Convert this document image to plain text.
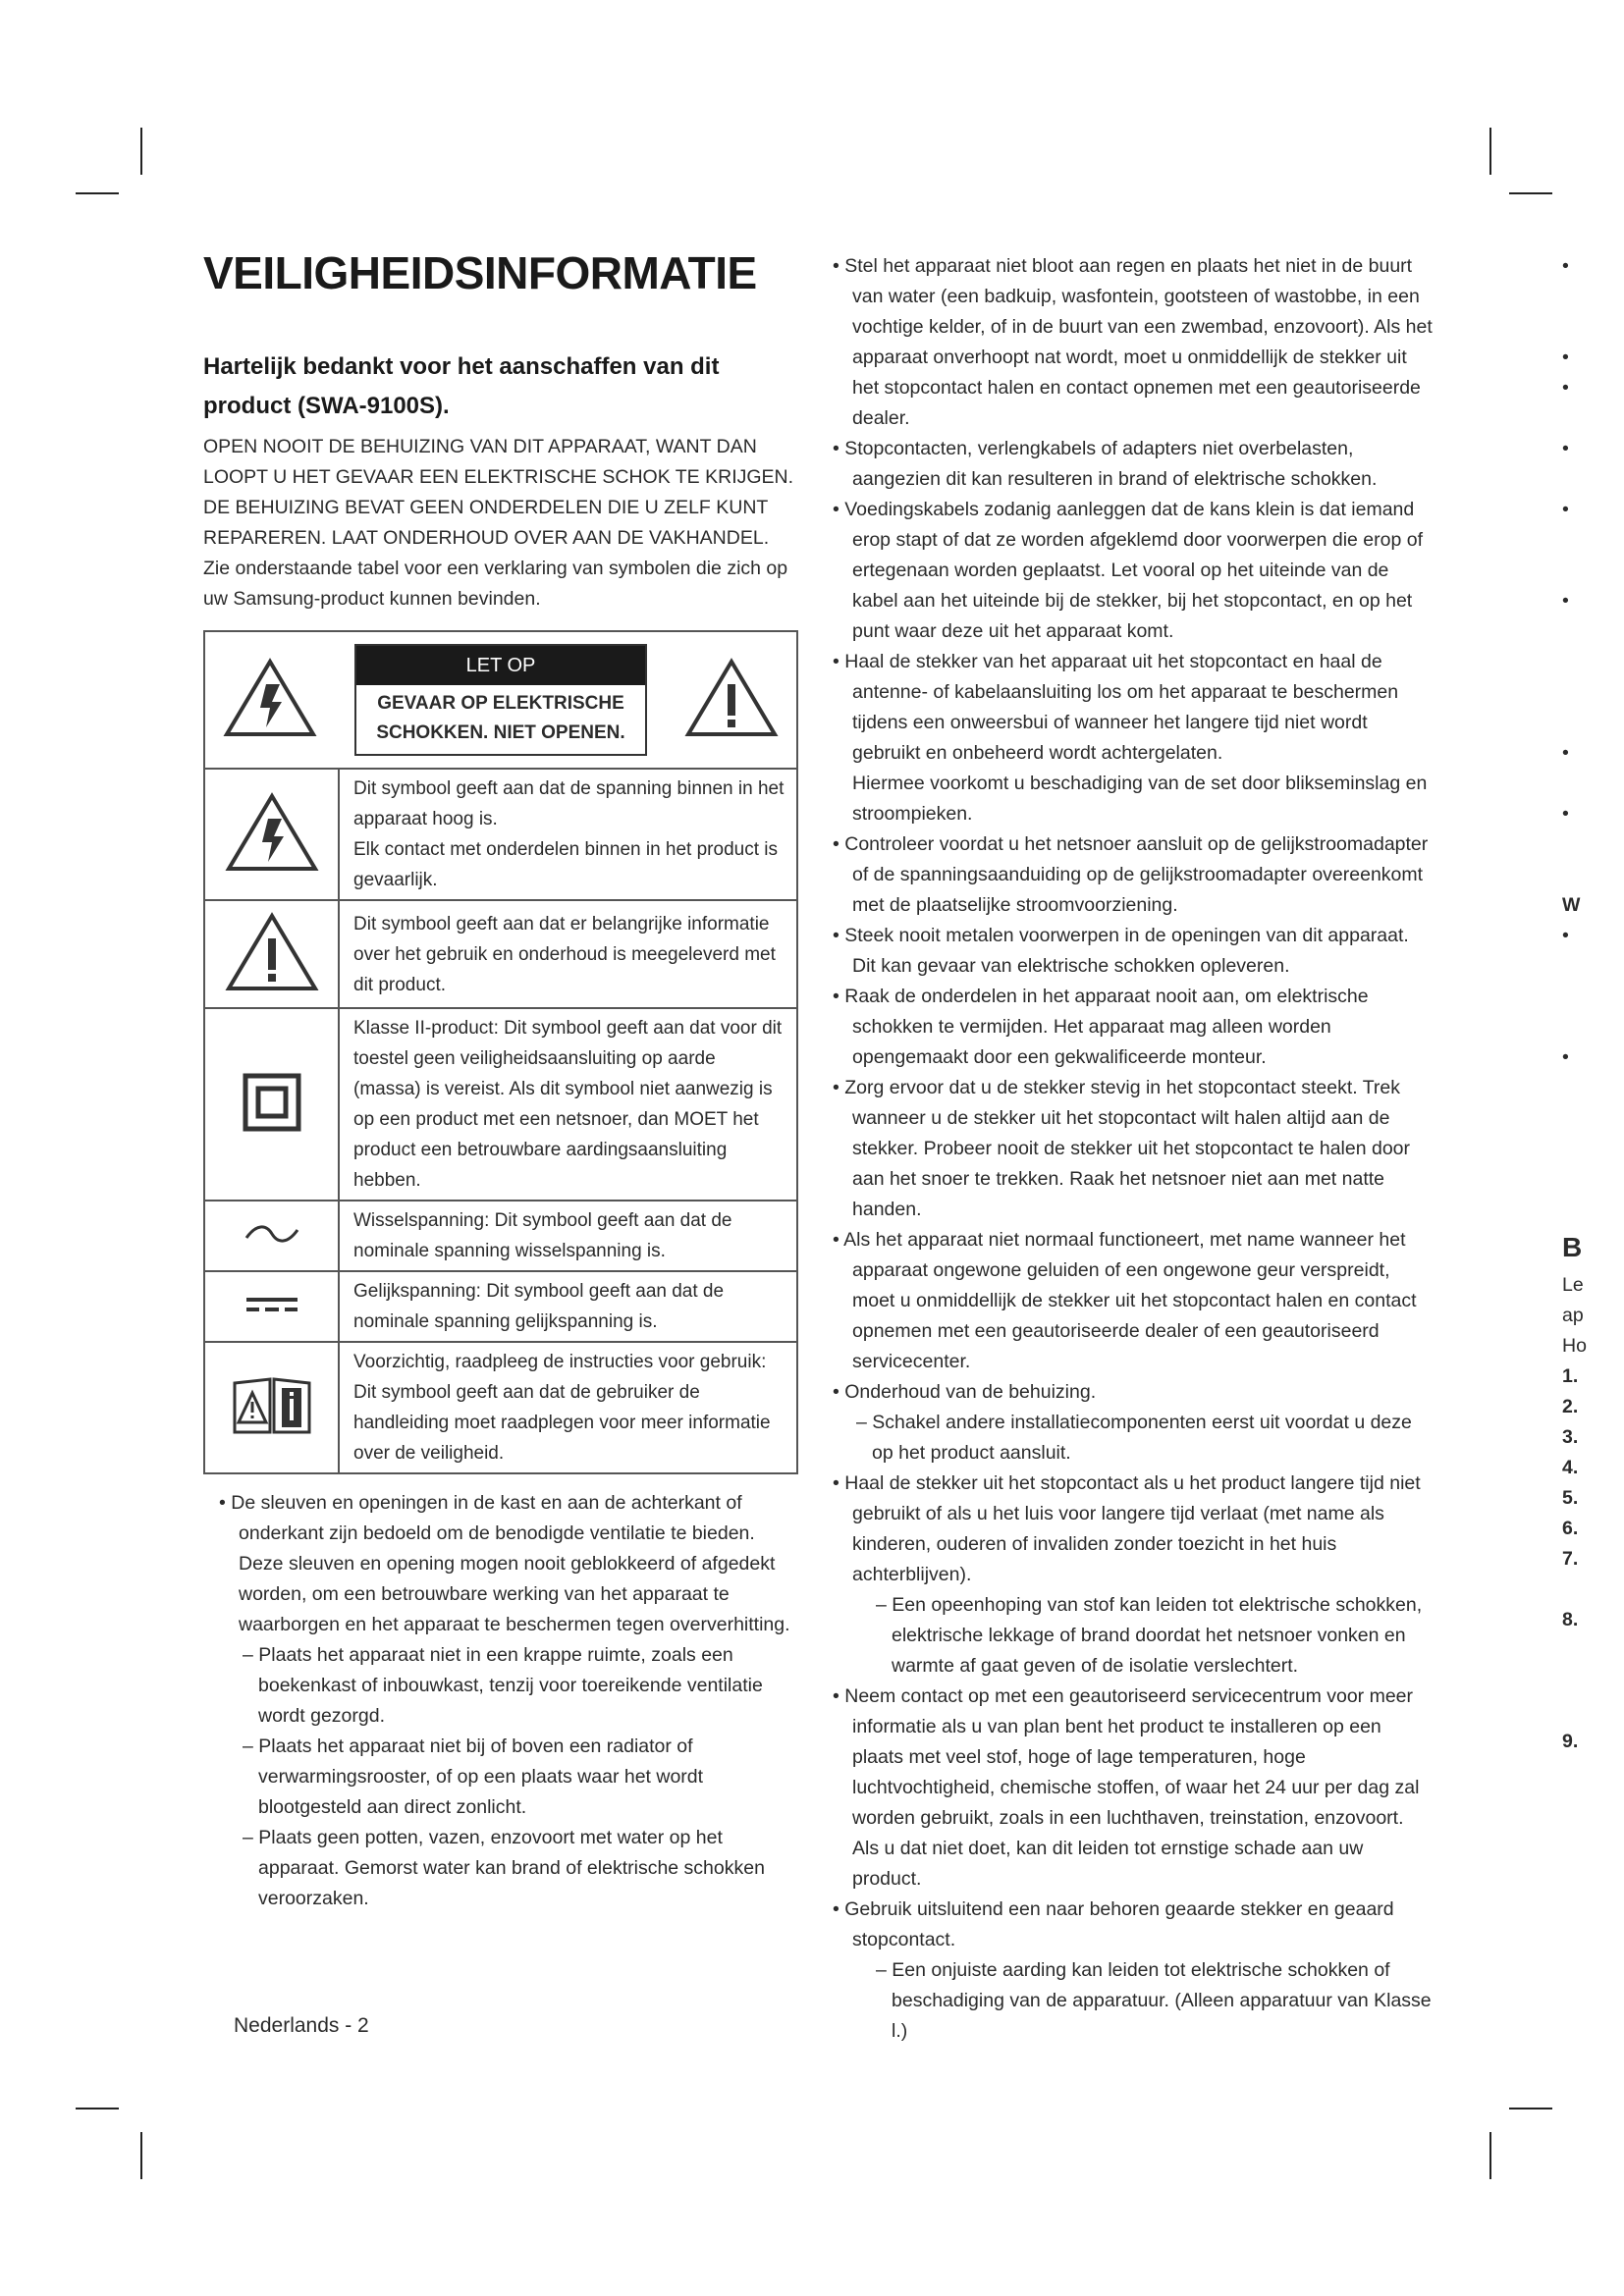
VEILIGHEIDSINFORMATIE
Hartelijk bedankt voor het aanschaffen van dit product (SWA-9100S).

OPEN NOOIT DE BEHUIZING VAN DIT APPARAAT, WANT DAN LOOPT U HET GEVAAR EEN ELEKTRISCHE SCHOK TE KRIJGEN. DE BEHUIZING BEVAT GEEN ONDERDELEN DIE U ZELF KUNT REPAREREN. LAAT ONDERHOUD OVER AAN DE VAKHANDEL.

Zie onderstaande tabel voor een verklaring van symbolen die zich op uw Samsung-product kunnen bevinden.

LET OP
GEVAAR OP ELEKTRISCHE SCHOKKEN. NIET OPENEN.	

	Dit symbool geeft aan dat de spanning binnen in het apparaat hoog is.
Elk contact met onderdelen binnen in het product is gevaarlijk.
	Dit symbool geeft aan dat er belangrijke informatie over het gebruik en onderhoud is meegeleverd met dit product.
	Klasse II-product: Dit symbool geeft aan dat voor dit toestel geen veiligheidsaansluiting op aarde (massa) is vereist. Als dit symbool niet aanwezig is op een product met een netsnoer, dan MOET het product een betrouwbare aardingsaansluiting hebben.
	Wisselspanning: Dit symbool geeft aan dat de nominale spanning wisselspanning is.
	Gelijkspanning: Dit symbool geeft aan dat de nominale spanning gelijkspanning is.
	Voorzichtig, raadpleeg de instructies voor gebruik: Dit symbool geeft aan dat de gebruiker de handleiding moet raadplegen voor meer informatie over de veiligheid.

• De sleuven en openingen in de kast en aan de achterkant of onderkant zijn bedoeld om de benodigde ventilatie te bieden. Deze sleuven en opening mogen nooit geblokkeerd of afgedekt worden, om een betrouwbare werking van het apparaat te waarborgen en het apparaat te beschermen tegen oververhitting.

– Plaats het apparaat niet in een krappe ruimte, zoals een boekenkast of inbouwkast, tenzij voor toereikende ventilatie wordt gezorgd.

– Plaats het apparaat niet bij of boven een radiator of verwarmingsrooster, of op een plaats waar het wordt blootgesteld aan direct zonlicht.

– Plaats geen potten, vazen, enzovoort met water op het apparaat. Gemorst water kan brand of elektrische schokken veroorzaken.

• Stel het apparaat niet bloot aan regen en plaats het niet in de buurt van water (een badkuip, wasfontein, gootsteen of wastobbe, in een vochtige kelder, of in de buurt van een zwembad, enzovoort). Als het apparaat onverhoopt nat wordt, moet u onmiddellijk de stekker uit het stopcontact halen en contact opnemen met een geautoriseerde dealer.

• Stopcontacten, verlengkabels of adapters niet overbelasten, aangezien dit kan resulteren in brand of elektrische schokken.

• Voedingskabels zodanig aanleggen dat de kans klein is dat iemand erop stapt of dat ze worden afgeklemd door voorwerpen die erop of ertegenaan worden geplaatst. Let vooral op het uiteinde van de kabel aan het uiteinde bij de stekker, bij het stopcontact, en op het punt waar deze uit het apparaat komt.

• Haal de stekker van het apparaat uit het stopcontact en haal de antenne- of kabelaansluiting los om het apparaat te beschermen tijdens een onweersbui of wanneer het langere tijd niet wordt gebruikt en onbeheerd wordt achtergelaten.

Hiermee voorkomt u beschadiging van de set door blikseminslag en stroompieken.

• Controleer voordat u het netsnoer aansluit op de gelijkstroomadapter of de spanningsaanduiding op de gelijkstroomadapter overeenkomt met de plaatselijke stroomvoorziening.

• Steek nooit metalen voorwerpen in de openingen van dit apparaat. Dit kan gevaar van elektrische schokken opleveren.

• Raak de onderdelen in het apparaat nooit aan, om elektrische schokken te vermijden. Het apparaat mag alleen worden opengemaakt door een gekwalificeerde monteur.

• Zorg ervoor dat u de stekker stevig in het stopcontact steekt. Trek wanneer u de stekker uit het stopcontact wilt halen altijd aan de stekker. Probeer nooit de stekker uit het stopcontact te halen door aan het snoer te trekken. Raak het netsnoer niet aan met natte handen.

• Als het apparaat niet normaal functioneert, met name wanneer het apparaat ongewone geluiden of een ongewone geur verspreidt, moet u onmiddellijk de stekker uit het stopcontact halen en contact opnemen met een geautoriseerde dealer of een geautoriseerd servicecenter.

• Onderhoud van de behuizing.

– Schakel andere installatiecomponenten eerst uit voordat u deze op het product aansluit.

• Haal de stekker uit het stopcontact als u het product langere tijd niet gebruikt of als u het luis voor langere tijd verlaat (met name als kinderen, ouderen of invaliden zonder toezicht in het huis achterblijven).

– Een opeenhoping van stof kan leiden tot elektrische schokken, elektrische lekkage of brand doordat het netsnoer vonken en warmte af gaat geven of de isolatie verslechtert.

• Neem contact op met een geautoriseerd servicecentrum voor meer informatie als u van plan bent het product te installeren op een plaats met veel stof, hoge of lage temperaturen, hoge luchtvochtigheid, chemische stoffen, of waar het 24 uur per dag zal worden gebruikt, zoals in een luchthaven, treinstation, enzovoort. Als u dat niet doet, kan dit leiden tot ernstige schade aan uw product.

• Gebruik uitsluitend een naar behoren geaarde stekker en geaard stopcontact.

– Een onjuiste aarding kan leiden tot elektrische schokken of beschadiging van de apparatuur. (Alleen apparatuur van Klasse l.)

•
•
•
•
•
•
•
•
W
•
•
B
Le
ap
Ho
1.
2.
3.
4.
5.
6.
7.
8.
9.
Nederlands - 2
